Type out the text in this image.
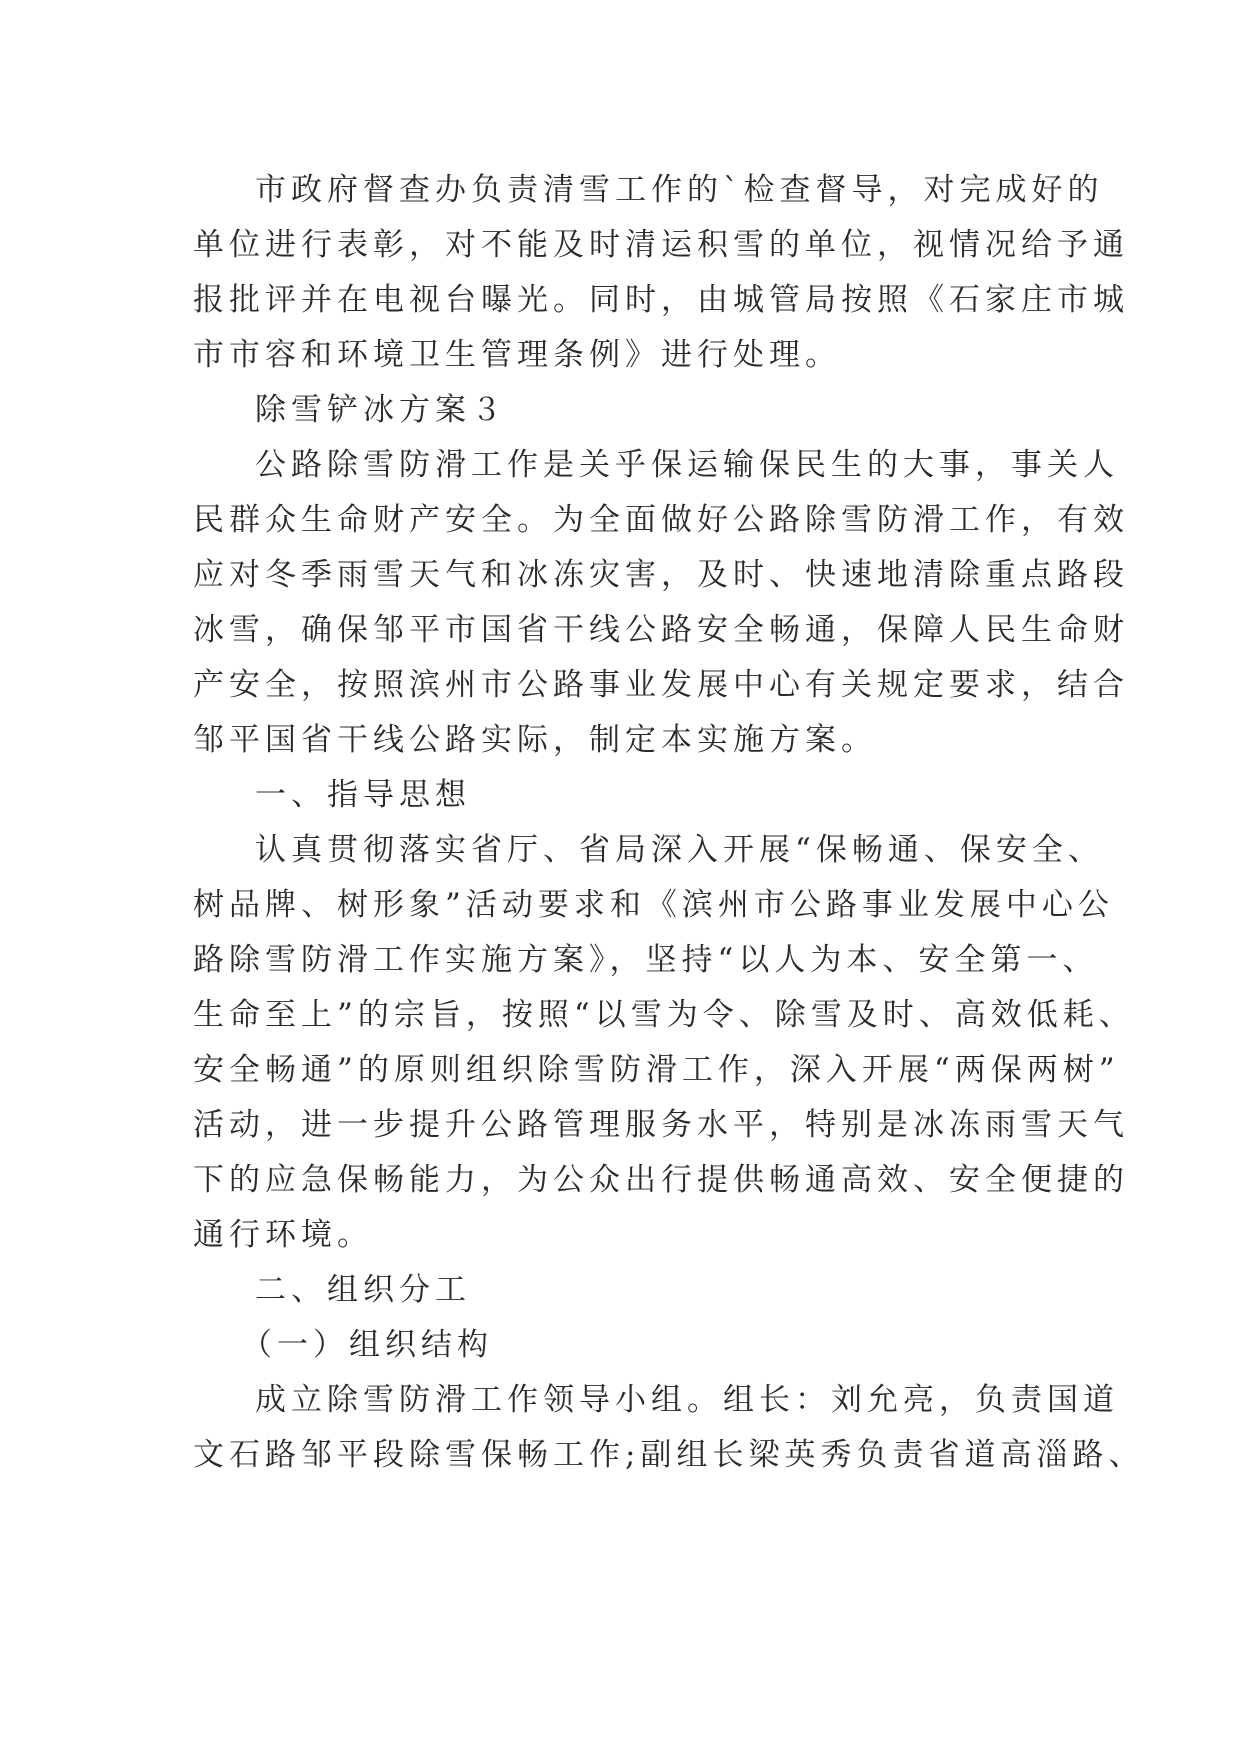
市政府督查办负责清雪工作的`检查督导，对完成好的
单位进行表彰，对不能及时清运积雪的单位，视情况给予通
报批评并在电视台曝光。同时，由城管局按照《石家庄市城
市市容和环境卫生管理条例》进行处理。
除雪铲冰方案３
公路除雪防滑工作是关乎保运输保民生的大事，事关人
民群众生命财产安全。为全面做好公路除雪防滑工作，有效
应对冬季雨雪天气和冰冻灾害，及时、快速地清除重点路段
冰雪，确保邹平市国省干线公路安全畅通，保障人民生命财
产安全，按照滨州市公路事业发展中心有关规定要求，结合
邹平国省干线公路实际，制定本实施方案。
一、指导思想
认真贯彻落实省厅、省局深入开展“保畅通、保安全、
树品牌、树形象”活动要求和《滨州市公路事业发展中心公
路除雪防滑工作实施方案》，坚持“以人为本、安全第一、
生命至上”的宗旨，按照“以雪为令、除雪及时、高效低耗、
安全畅通”的原则组织除雪防滑工作，深入开展“两保两树”
活动，进一步提升公路管理服务水平，特别是冰冻雨雪天气
下的应急保畅能力，为公众出行提供畅通高效、安全便捷的
通行环境。
二、组织分工
（一）组织结构
成立除雪防滑工作领导小组。组长：刘允亮，负责国道
文石路邹平段除雪保畅工作;副组长梁英秀负责省道高淄路、
